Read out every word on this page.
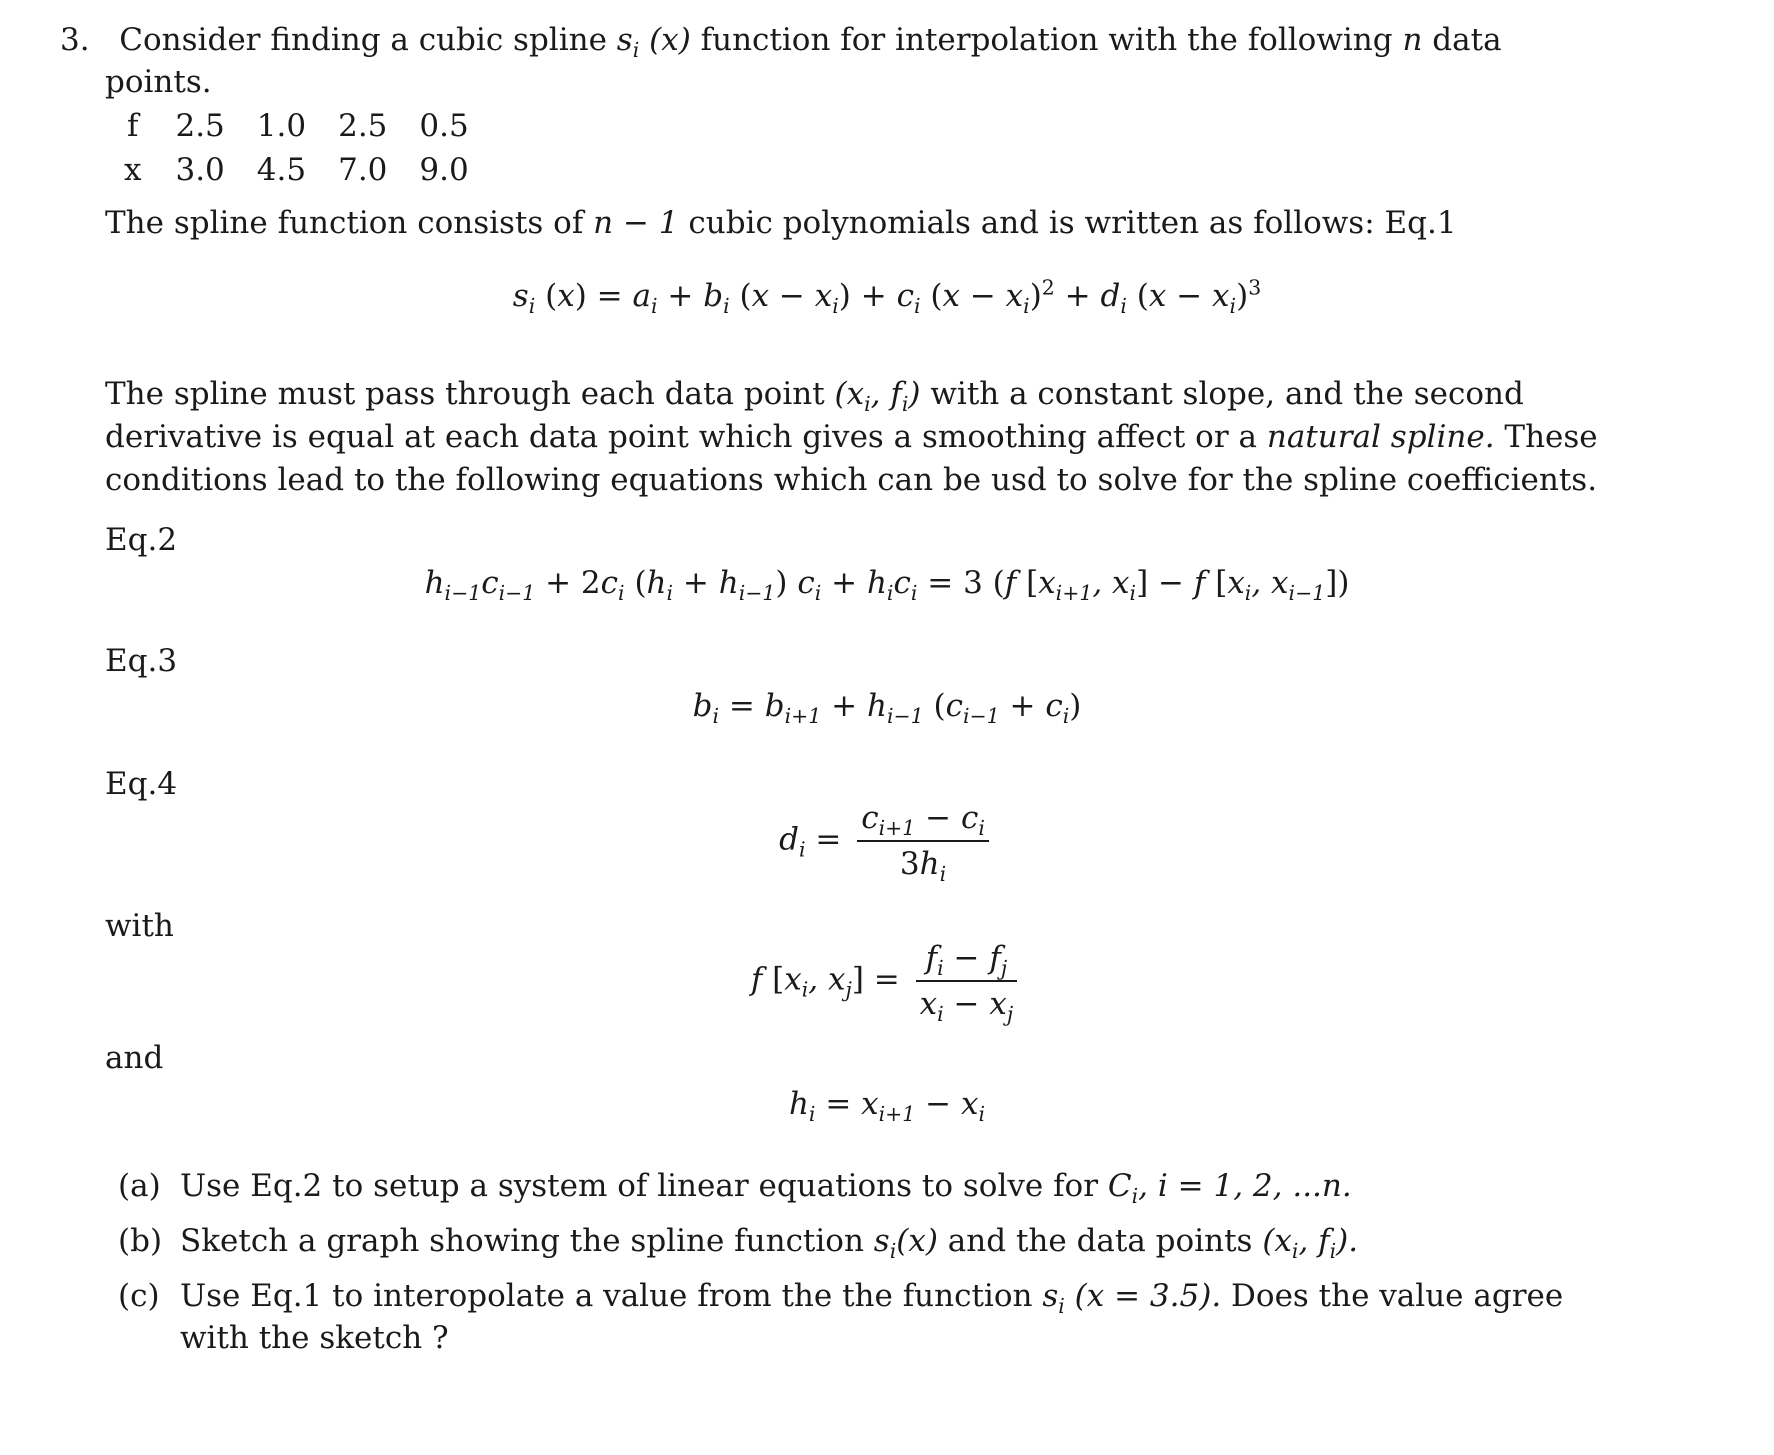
3. Consider finding a cubic spline $s_i$ (x) function for interpolation with the following n data
points.
f	2.5	1.0	2.5	0.5
x	3.0	4.5	7.0	9.0
The spline function consists of n − 1 cubic polynomials and is written as follows: Eq.1
$s_i$ $(x) = a_i + b_i$ $(x - x_i) + c_i$ $(x - x_i)^2 + d_i$ $(x - x_i)^3$
The spline must pass through each data point ($x_i$, $f_i$) with a constant slope, and the second
derivative is equal at each data point which gives a smoothing affect or a natural spline. These
conditions lead to the following equations which can be usd to solve for the spline coefficients.
Eq.2
$h_{i-1}c_{i-1} + 2c_i$ $(h_i + h_{i-1}) c_i + h_ic_i = 3$ (f [$x_{i+1}$, $x_i] - f$ [$x_i$, $x_{i-1}$])
Eq.3
$b_i = b_{i+1} + h_{i-1}$ $(c_{i-1} + c_i)$
Eq.4
$d_i = \frac{c_{i+1} - c_i}{3h_i}$
with
f [$x_i$, $x_j] = \frac{f_i - f_j}{x_i - x_j}$
and
$h_i = x_{i+1} - x_i$
(a) Use Eq.2 to setup a system of linear equations to solve for $C_i$, i = 1, 2, ...n.
(b) Sketch a graph showing the spline function $s_i(x)$ and the data points ($x_i$, $f_i$).
(c) Use Eq.1 to interopolate a value from the the function $s_i$ (x = 3.5). Does the value agree
with the sketch ?
